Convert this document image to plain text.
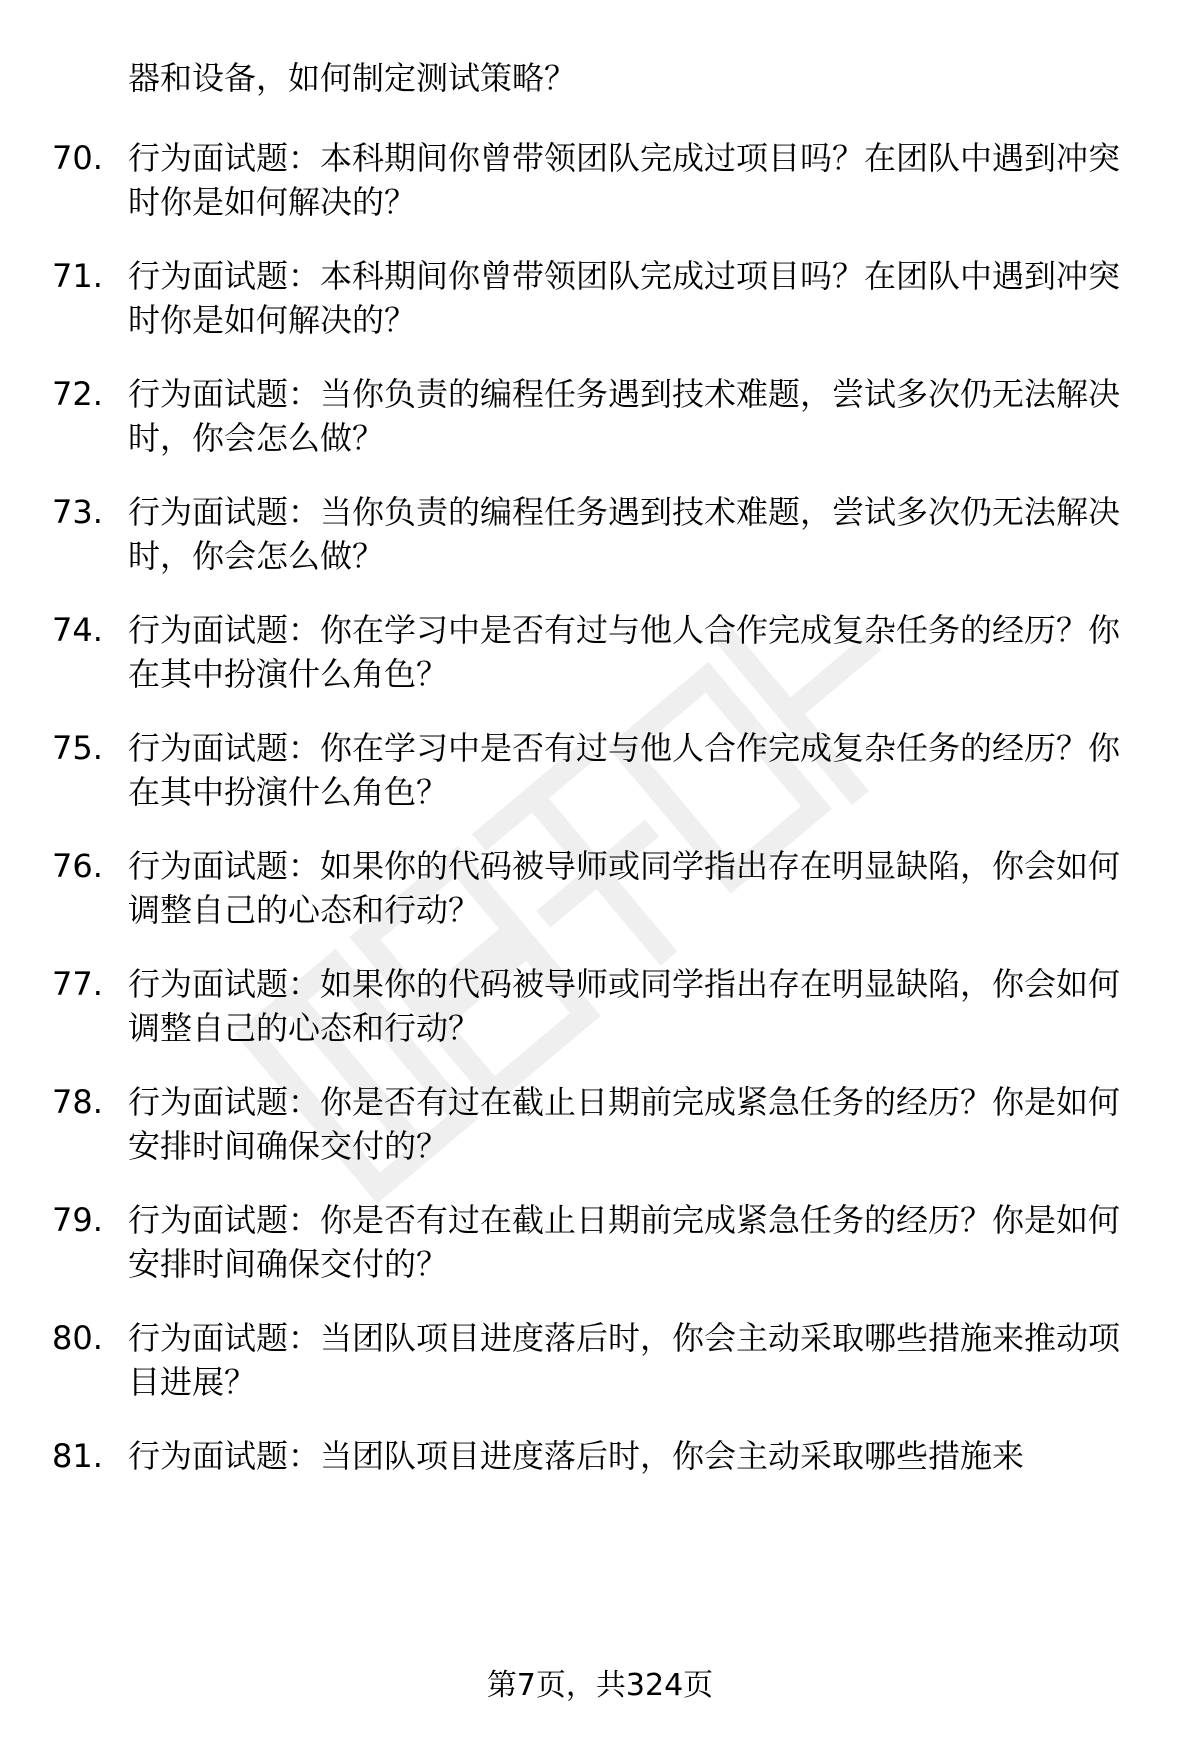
器和设备，如何制定测试策略？
70. 行为面试题：本科期间你曾带领团队完成过项目吗？在团队中遇到冲突时你是如何解决的？
71. 行为面试题：本科期间你曾带领团队完成过项目吗？在团队中遇到冲突时你是如何解决的？
72. 行为面试题：当你负责的编程任务遇到技术难题，尝试多次仍无法解决时，你会怎么做？
73. 行为面试题：当你负责的编程任务遇到技术难题，尝试多次仍无法解决时，你会怎么做？
74. 行为面试题：你在学习中是否有过与他人合作完成复杂任务的经历？你在其中扮演什么角色？
75. 行为面试题：你在学习中是否有过与他人合作完成复杂任务的经历？你在其中扮演什么角色？
76. 行为面试题：如果你的代码被导师或同学指出存在明显缺陷，你会如何调整自己的心态和行动？
77. 行为面试题：如果你的代码被导师或同学指出存在明显缺陷，你会如何调整自己的心态和行动？
78. 行为面试题：你是否有过在截止日期前完成紧急任务的经历？你是如何安排时间确保交付的？
79. 行为面试题：你是否有过在截止日期前完成紧急任务的经历？你是如何安排时间确保交付的？
80. 行为面试题：当团队项目进度落后时，你会主动采取哪些措施来推动项目进展？
81. 行为面试题：当团队项目进度落后时，你会主动采取哪些措施来
第7页，共324页
